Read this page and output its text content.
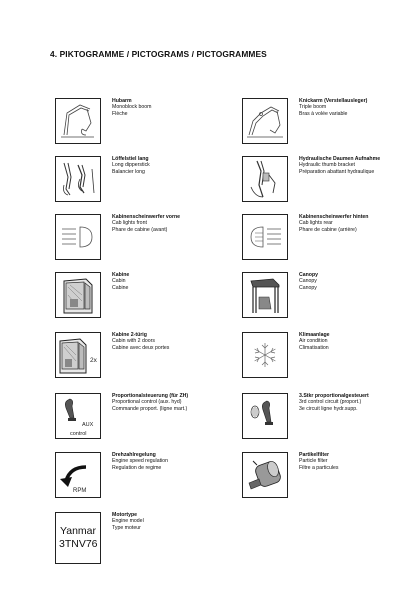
4. PIKTOGRAMME / PICTOGRAMS / PICTOGRAMMES
Hubarm
Monoblock boom
Flèche
Knickarm (Verstellausleger)
Triple boom
Bras à volée variable
Löffelstiel lang
Long dipperstick
Balancier long
Hydraulische Daumen Aufnahme
Hydraulic thumb bracket
Préparation abattant hydraulique
Kabinenscheinwerfer vorne
Cab lights front
Phare de cabine (avant)
Kabinenscheinwerfer hinten
Cab lights rear
Phare de cabine (arrière)
Kabine
Cabin
Cabine
Canopy
Canopy
Canopy
2x
Kabine 2-türig
Cabin with 2 doors
Cabine avec deux portes
Klimaanlage
Air condition
Climatisation
AUX
control
Proportionalsteuerung (für ZH)
Proportional control (aux. hyd)
Commande proport. (ligne mart.)
3.Stkr proportionalgesteuert
3rd control circuit (proport.)
3e circuit ligne hydr.supp.
RPM
Drehzahlregelung
Engine speed regulation
Regulation de regime
Partikelfilter
Particle filter
Filtre a particules
Yanmar
3TNV76
Motortype
Engine model
Type moteur
